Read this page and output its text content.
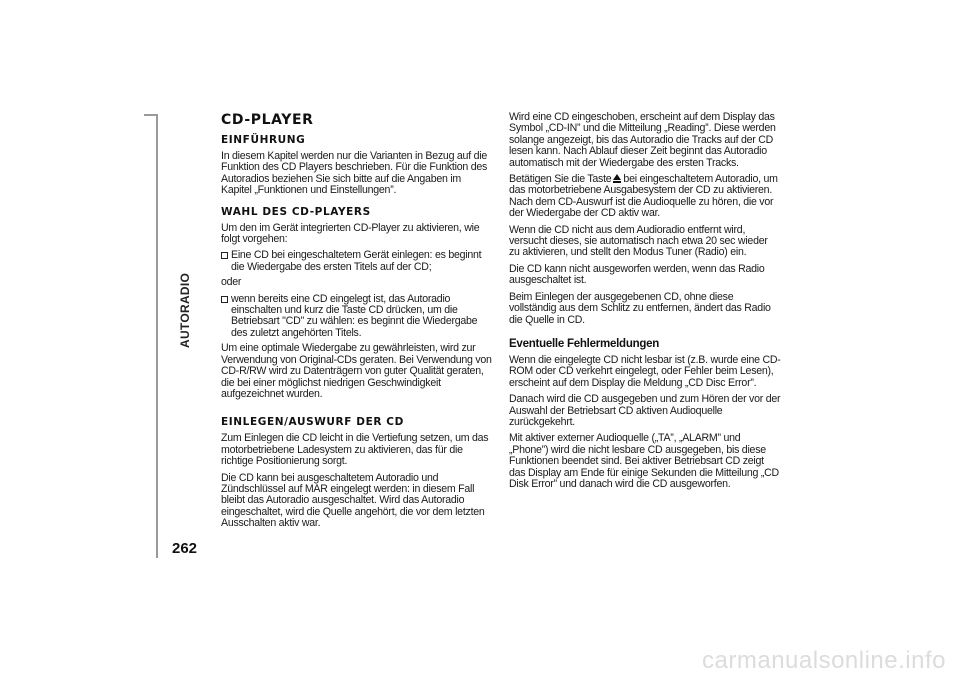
AUTORADIO
262
CD-PLAYER
EINFÜHRUNG

In diesem Kapitel werden nur die Varianten in Bezug auf die Funktion des CD Players beschrieben. Für die Funktion des Autoradios beziehen Sie sich bitte auf die Angaben im Kapitel „Funktionen und Einstellungen”.

WAHL DES CD-PLAYERS

Um den im Gerät integrierten CD-Player zu aktivieren, wie folgt vorgehen:

Eine CD bei eingeschaltetem Gerät einlegen: es beginnt die Wiedergabe des ersten Titels auf der CD;

oder

wenn bereits eine CD eingelegt ist, das Autoradio einschalten und kurz die Taste CD drücken, um die Betriebsart "CD" zu wählen: es beginnt die Wiedergabe des zuletzt angehörten Titels.

Um eine optimale Wiedergabe zu gewährleisten, wird zur Verwendung von Original-CDs geraten. Bei Verwendung von CD-R/RW wird zu Datenträgern von guter Qualität geraten, die bei einer möglichst niedrigen Geschwindigkeit aufgezeichnet wurden.

EINLEGEN/AUSWURF DER CD

Zum Einlegen die CD leicht in die Vertiefung setzen, um das motorbetriebene Ladesystem zu aktivieren, das für die richtige Positionierung sorgt.

Die CD kann bei ausgeschaltetem Autoradio und Zündschlüssel auf MAR eingelegt werden: in diesem Fall bleibt das Autoradio ausgeschaltet. Wird das Autoradio eingeschaltet, wird die Quelle angehört, die vor dem letzten Ausschalten aktiv war.

Wird eine CD eingeschoben, erscheint auf dem Display das Symbol „CD-IN” und die Mitteilung „Reading”. Diese werden solange angezeigt, bis das Autoradio die Tracks auf der CD lesen kann. Nach Ablauf dieser Zeit beginnt das Autoradio automatisch mit der Wiedergabe des ersten Tracks.

Betätigen Sie die Taste bei eingeschaltetem Autoradio, um das motorbetriebene Ausgabesystem der CD zu aktivieren. Nach dem CD-Auswurf ist die Audioquelle zu hören, die vor der Wiedergabe der CD aktiv war.

Wenn die CD nicht aus dem Audioradio entfernt wird, versucht dieses, sie automatisch nach etwa 20 sec wieder zu aktivieren, und stellt den Modus Tuner (Radio) ein.

Die CD kann nicht ausgeworfen werden, wenn das Radio ausgeschaltet ist.

Beim Einlegen der ausgegebenen CD, ohne diese vollständig aus dem Schlitz zu entfernen, ändert das Radio die Quelle in CD.

Eventuelle Fehlermeldungen

Wenn die eingelegte CD nicht lesbar ist (z.B. wurde eine CD-ROM oder CD verkehrt eingelegt, oder Fehler beim Lesen), erscheint auf dem Display die Meldung „CD Disc Error”.

Danach wird die CD ausgegeben und zum Hören der vor der Auswahl der Betriebsart CD aktiven Audioquelle zurückgekehrt.

Mit aktiver externer Audioquelle („TA”, „ALARM” und „Phone”) wird die nicht lesbare CD ausgegeben, bis diese Funktionen beendet sind. Bei aktiver Betriebsart CD zeigt das Display am Ende für einige Sekunden die Mitteilung „CD Disk Error” und danach wird die CD ausgeworfen.

carmanualsonline.info
